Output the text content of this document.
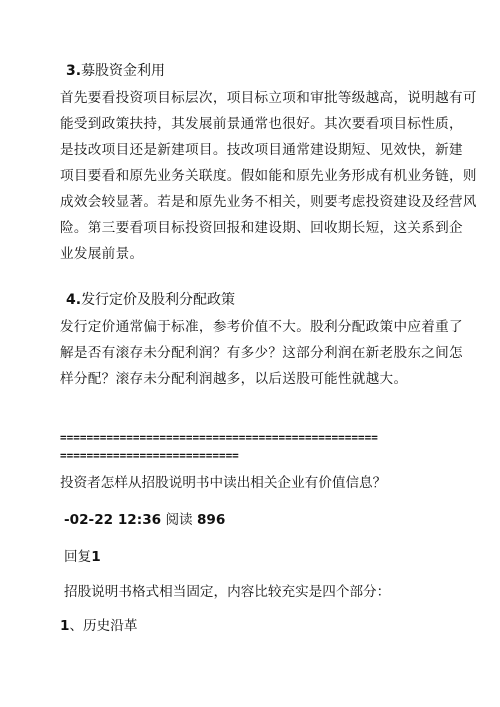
3.募股资金利用

首先要看投资项目标层次，项目标立项和审批等级越高，说明越有可
能受到政策扶持，其发展前景通常也很好。其次要看项目标性质，
是技改项目还是新建项目。技改项目通常建设期短、见效快，新建
项目要看和原先业务关联度。假如能和原先业务形成有机业务链，则
成效会较显著。若是和原先业务不相关，则要考虑投资建设及经营风
险。第三要看项目标投资回报和建设期、回收期长短，这关系到企
业发展前景。

4.发行定价及股利分配政策

发行定价通常偏于标准，参考价值不大。股利分配政策中应着重了
解是否有滚存未分配利润？有多少？这部分利润在新老股东之间怎
样分配？滚存未分配利润越多，以后送股可能性就越大。
================================================
===========================

投资者怎样从招股说明书中读出相关企业有价值信息？

-02-22 12:36 阅读 896

回复1

招股说明书格式相当固定，内容比较充实是四个部分：

1、历史沿革
